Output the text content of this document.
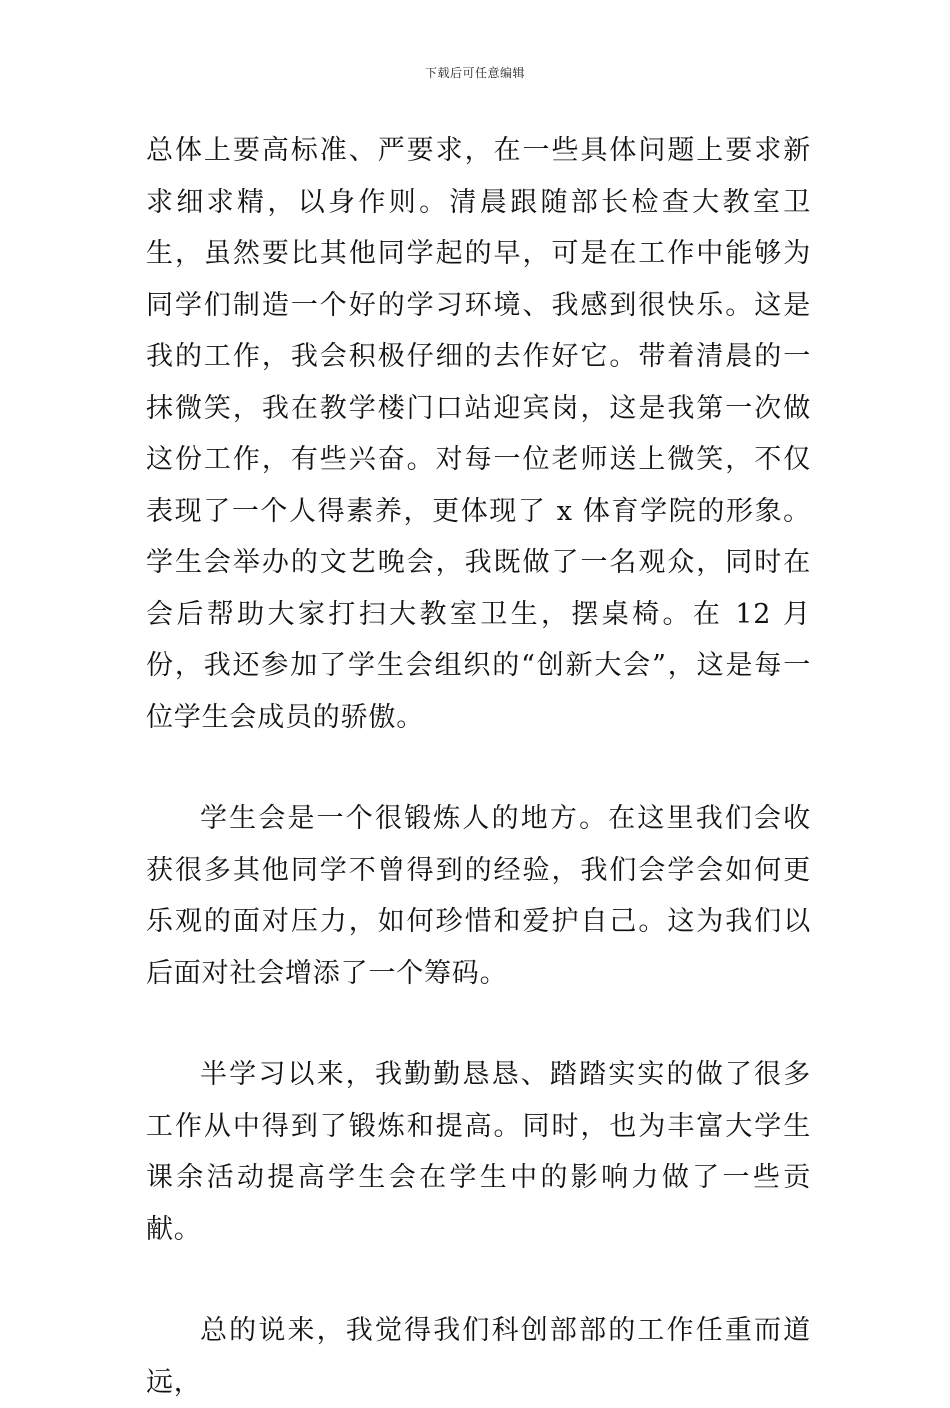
下载后可任意编辑

总体上要高标准、严要求，在一些具体问题上要求新求细求精，以身作则。清晨跟随部长检查大教室卫生，虽然要比其他同学起的早，可是在工作中能够为同学们制造一个好的学习环境、我感到很快乐。这是我的工作，我会积极仔细的去作好它。带着清晨的一抹微笑，我在教学楼门口站迎宾岗，这是我第一次做这份工作，有些兴奋。对每一位老师送上微笑，不仅表现了一个人得素养，更体现了 x 体育学院的形象。学生会举办的文艺晚会，我既做了一名观众，同时在会后帮助大家打扫大教室卫生，摆桌椅。在 12 月份，我还参加了学生会组织的“创新大会”，这是每一位学生会成员的骄傲。

学生会是一个很锻炼人的地方。在这里我们会收获很多其他同学不曾得到的经验，我们会学会如何更乐观的面对压力，如何珍惜和爱护自己。这为我们以后面对社会增添了一个筹码。

半学习以来，我勤勤恳恳、踏踏实实的做了很多工作从中得到了锻炼和提高。同时，也为丰富大学生课余活动提高学生会在学生中的影响力做了一些贡献。

总的说来，我觉得我们科创部部的工作任重而道远，
